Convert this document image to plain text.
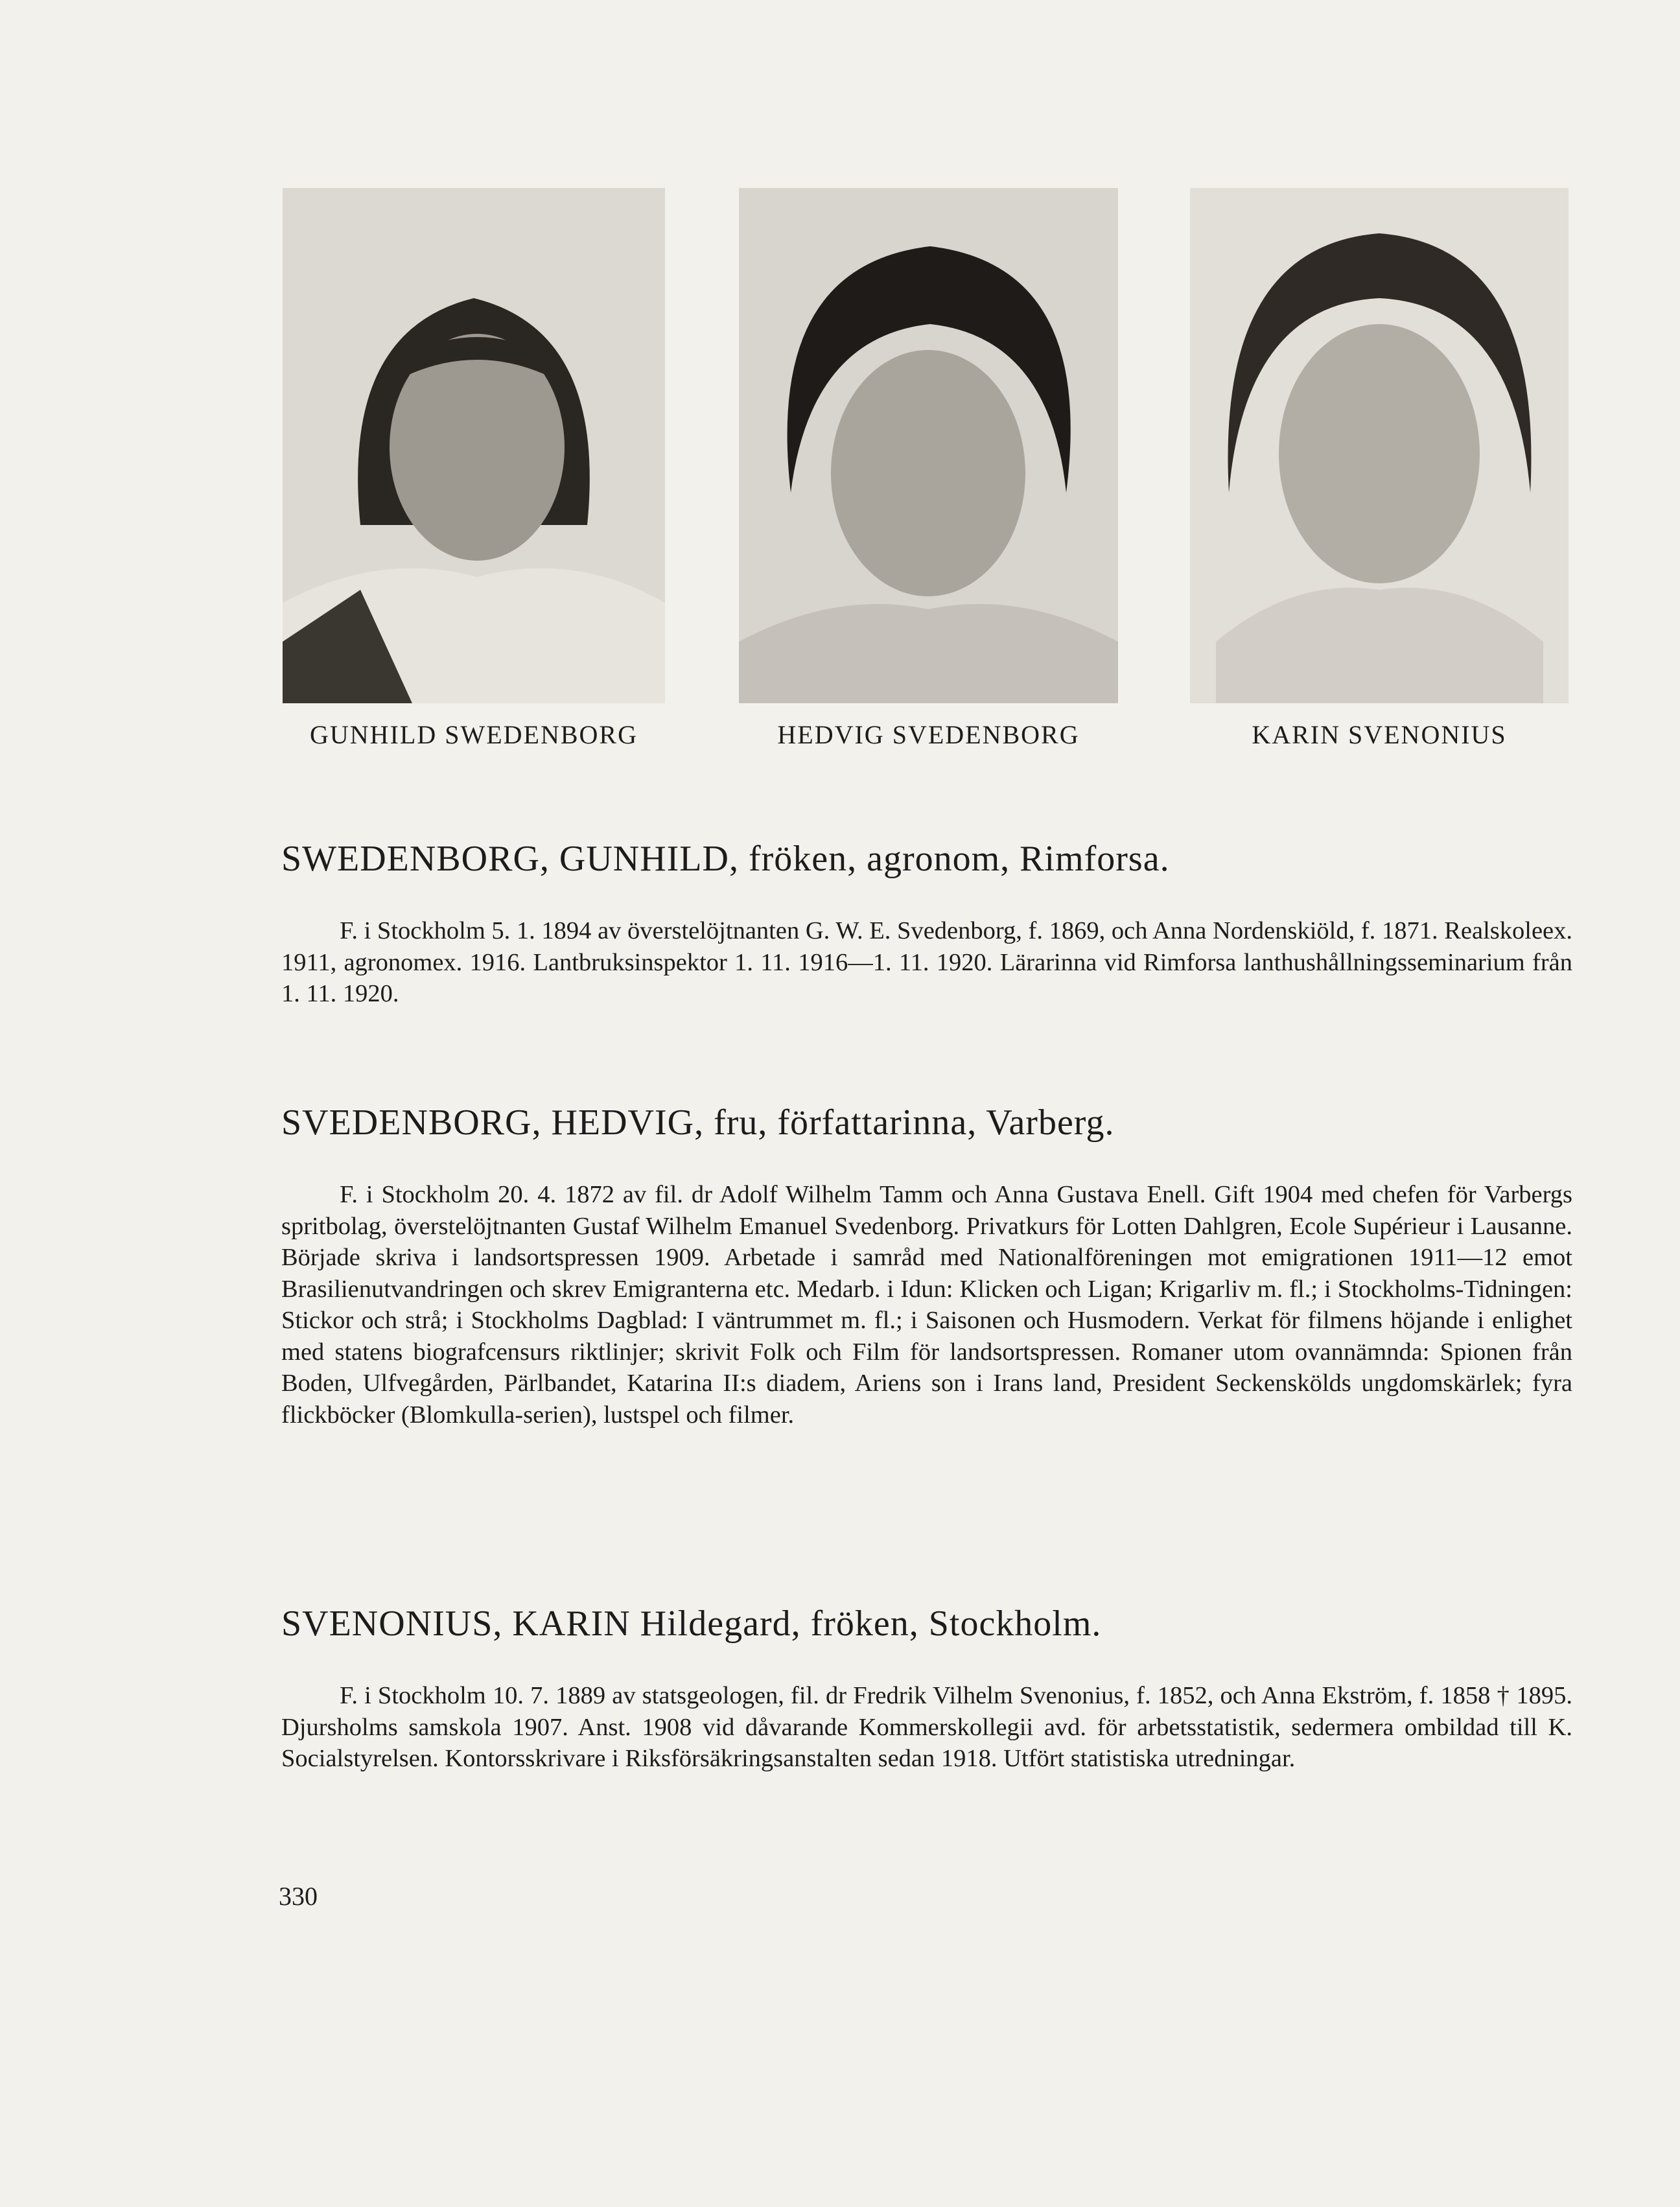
GUNHILD SWEDENBORG	HEDVIG SVEDENBORG	KARIN SVENONIUS
SWEDENBORG, GUNHILD, fröken, agronom, Rimforsa.

F. i Stockholm 5. 1. 1894 av överstelöjtnanten G. W. E. Svedenborg, f. 1869, och Anna Nordenskiöld, f. 1871. Realskoleex. 1911, agronomex. 1916. Lantbruksinspektor 1. 11. 1916—1. 11. 1920. Lärarinna vid Rimforsa lanthushållningsseminarium från 1. 11. 1920.

SVEDENBORG, HEDVIG, fru, författarinna, Varberg.

F. i Stockholm 20. 4. 1872 av fil. dr Adolf Wilhelm Tamm och Anna Gustava Enell. Gift 1904 med chefen för Varbergs spritbolag, överstelöjtnanten Gustaf Wilhelm Emanuel Svedenborg. Privatkurs för Lotten Dahlgren, Ecole Supérieur i Lausanne. Började skriva i landsortspressen 1909. Arbetade i samråd med Nationalföreningen mot emigrationen 1911—12 emot Brasilienutvandringen och skrev Emigranterna etc. Medarb. i Idun: Klicken och Ligan; Krigarliv m. fl.; i Stockholms-Tidningen: Stickor och strå; i Stockholms Dagblad: I väntrummet m. fl.; i Saisonen och Husmodern. Verkat för filmens höjande i enlighet med statens biografcensurs riktlinjer; skrivit Folk och Film för landsortspressen. Romaner utom ovannämnda: Spionen från Boden, Ulfvegården, Pärlbandet, Katarina II:s diadem, Ariens son i Irans land, President Seckenskölds ungdomskärlek; fyra flickböcker (Blomkulla-serien), lustspel och filmer.

SVENONIUS, KARIN Hildegard, fröken, Stockholm.

F. i Stockholm 10. 7. 1889 av statsgeologen, fil. dr Fredrik Vilhelm Svenonius, f. 1852, och Anna Ekström, f. 1858 † 1895. Djursholms samskola 1907. Anst. 1908 vid dåvarande Kommerskollegii avd. för arbetsstatistik, sedermera ombildad till K. Socialstyrelsen. Kontorsskrivare i Riksförsäkringsanstalten sedan 1918. Utfört statistiska utredningar.

330
